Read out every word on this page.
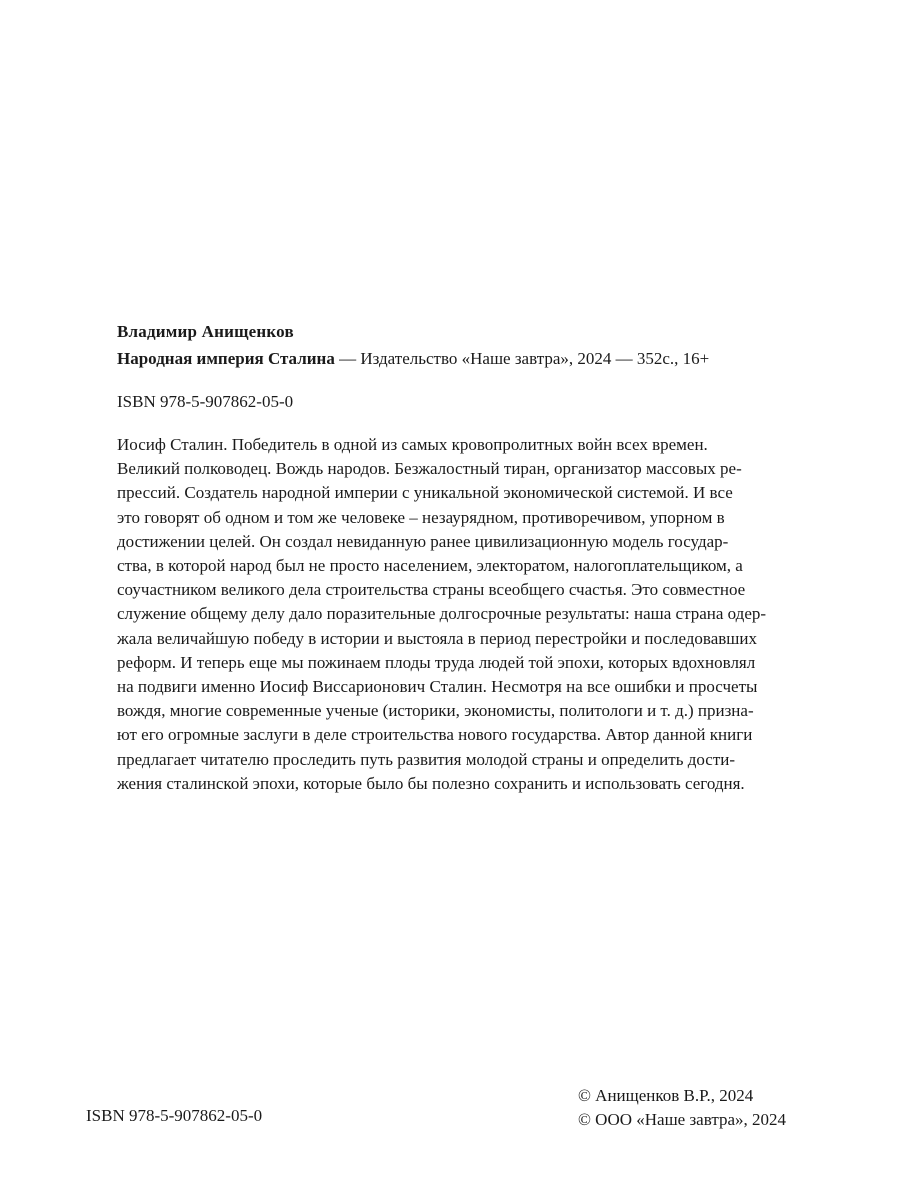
Владимир Анищенков
Народная империя Сталина — Издательство «Наше завтра», 2024 — 352с., 16+
ISBN 978-5-907862-05-0
Иосиф Сталин. Победитель в одной из самых кровопролитных войн всех времен.
Великий полководец. Вождь народов. Безжалостный тиран, организатор массовых ре-
прессий. Создатель народной империи с уникальной экономической системой. И все
это говорят об одном и том же человеке – незаурядном, противоречивом, упорном в
достижении целей. Он создал невиданную ранее цивилизационную модель государ-
ства, в которой народ был не просто населением, электоратом, налогоплательщиком, а
соучастником великого дела строительства страны всеобщего счастья. Это совместное
служение общему делу дало поразительные долгосрочные результаты: наша страна одер-
жала величайшую победу в истории и выстояла в период перестройки и последовавших
реформ. И теперь еще мы пожинаем плоды труда людей той эпохи, которых вдохновлял
на подвиги именно Иосиф Виссарионович Сталин. Несмотря на все ошибки и просчеты
вождя, многие современные ученые (историки, экономисты, политологи и т. д.) призна-
ют его огромные заслуги в деле строительства нового государства. Автор данной книги
предлагает читателю проследить путь развития молодой страны и определить дости-
жения сталинской эпохи, которые было бы полезно сохранить и использовать сегодня.
ISBN 978-5-907862-05-0
© Анищенков В.Р., 2024
© ООО «Наше завтра», 2024
